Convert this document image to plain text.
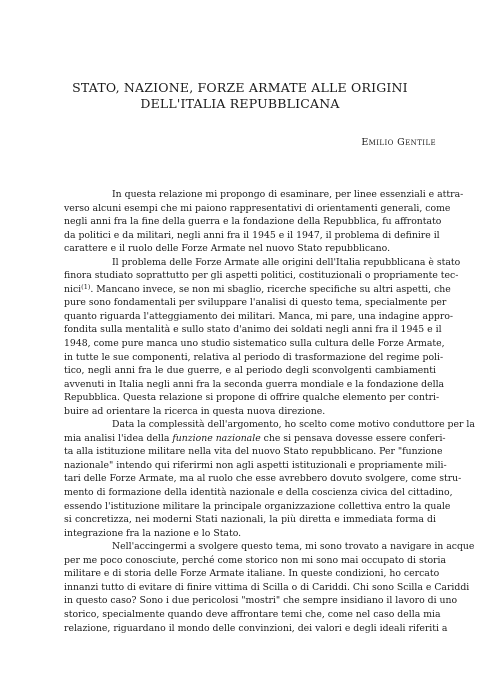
STATO, NAZIONE, FORZE ARMATE ALLE ORIGINI
DELL'ITALIA REPUBBLICANA
Emilio Gentile
In questa relazione mi propongo di esaminare, per linee essenziali e attra-
verso alcuni esempi che mi paiono rappresentativi di orientamenti generali, come
negli anni fra la fine della guerra e la fondazione della Repubblica, fu affrontato
da politici e da militari, negli anni fra il 1945 e il 1947, il problema di definire il
carattere e il ruolo delle Forze Armate nel nuovo Stato repubblicano.
Il problema delle Forze Armate alle origini dell'Italia repubblicana è stato
finora studiato soprattutto per gli aspetti politici, costituzionali o propriamente tec-
nici$^{(1)}$. Mancano invece, se non mi sbaglio, ricerche specifiche su altri aspetti, che
pure sono fondamentali per sviluppare l'analisi di questo tema, specialmente per
quanto riguarda l'atteggiamento dei militari. Manca, mi pare, una indagine appro-
fondita sulla mentalità e sullo stato d'animo dei soldati negli anni fra il 1945 e il
1948, come pure manca uno studio sistematico sulla cultura delle Forze Armate,
in tutte le sue componenti, relativa al periodo di trasformazione del regime poli-
tico, negli anni fra le due guerre, e al periodo degli sconvolgenti cambiamenti
avvenuti in Italia negli anni fra la seconda guerra mondiale e la fondazione della
Repubblica. Questa relazione si propone di offrire qualche elemento per contri-
buire ad orientare la ricerca in questa nuova direzione.
Data la complessità dell'argomento, ho scelto come motivo conduttore per la
mia analisi l'idea della funzione nazionale che si pensava dovesse essere conferi-
ta alla istituzione militare nella vita del nuovo Stato repubblicano. Per "funzione
nazionale" intendo qui riferirmi non agli aspetti istituzionali e propriamente mili-
tari delle Forze Armate, ma al ruolo che esse avrebbero dovuto svolgere, come stru-
mento di formazione della identità nazionale e della coscienza civica del cittadino,
essendo l'istituzione militare la principale organizzazione collettiva entro la quale
si concretizza, nei moderni Stati nazionali, la più diretta e immediata forma di
integrazione fra la nazione e lo Stato.
Nell'accingermi a svolgere questo tema, mi sono trovato a navigare in acque
per me poco conosciute, perché come storico non mi sono mai occupato di storia
militare e di storia delle Forze Armate italiane. In queste condizioni, ho cercato
innanzi tutto di evitare di finire vittima di Scilla o di Cariddi. Chi sono Scilla e Cariddi
in questo caso? Sono i due pericolosi "mostri" che sempre insidiano il lavoro di uno
storico, specialmente quando deve affrontare temi che, come nel caso della mia
relazione, riguardano il mondo delle convinzioni, dei valori e degli ideali riferiti a
